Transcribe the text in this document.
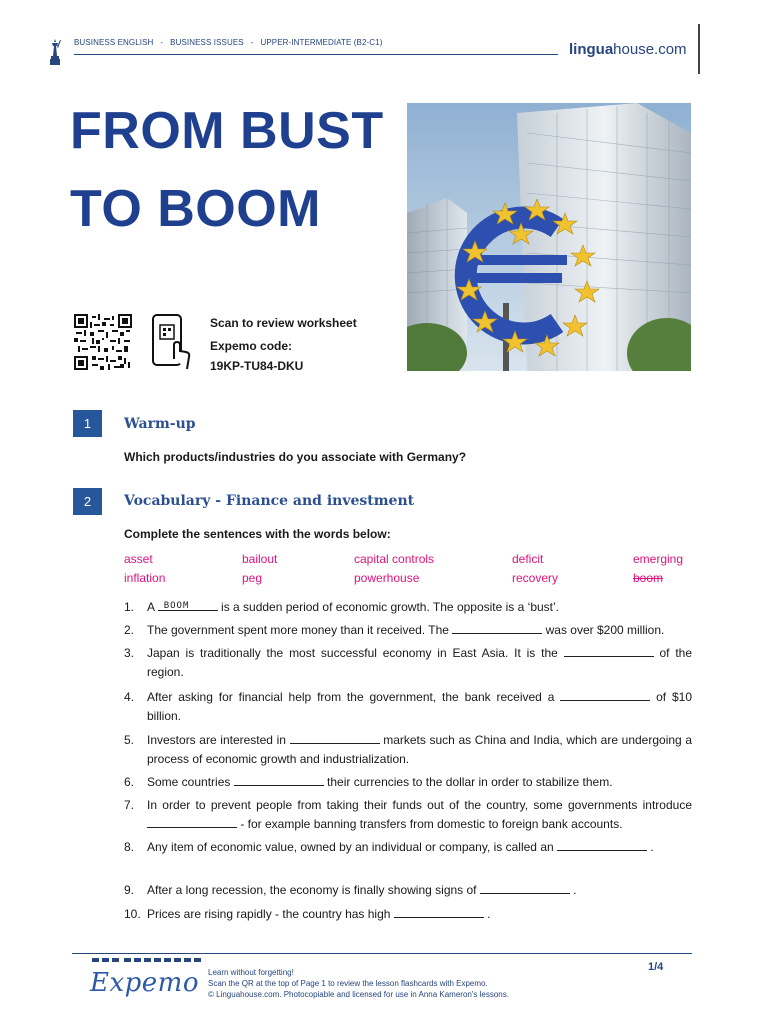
BUSINESS ENGLISH - BUSINESS ISSUES - UPPER-INTERMEDIATE (B2-C1)	linguahouse.com
FROM BUST
TO BOOM
Scan to review worksheet
Expemo code:
19KP-TU84-DKU
1	Warm-up
Which products/industries do you associate with Germany?
2	Vocabulary - Finance and investment
Complete the sentences with the words below:
asset	bailout	capital controls	deficit	emerging
inflation	peg	powerhouse	recovery	boom
1. A BOOM is a sudden period of economic growth. The opposite is a ‘bust’.
2. The government spent more money than it received. The	was over $200 million.
3. Japan is traditionally the most successful economy in East Asia. It is the	of the region.
4. After asking for financial help from the government, the bank received a	of $10 billion.
5. Investors are interested in	markets such as China and India, which are undergoing a process of economic growth and industrialization.
6. Some countries	their currencies to the dollar in order to stabilize them.
7. In order to prevent people from taking their funds out of the country, some governments introduce  - for example banning transfers from domestic to foreign bank accounts.
8. Any item of economic value, owned by an individual or company, is called an	.
9. After a long recession, the economy is finally showing signs of	.
10. Prices are rising rapidly - the country has high	.
Expemo Learn without forgetting!
Scan the QR at the top of Page 1 to review the lesson flashcards with Expemo.
© Linguahouse.com. Photocopiable and licensed for use in Anna Kameron's lessons.
1/4
